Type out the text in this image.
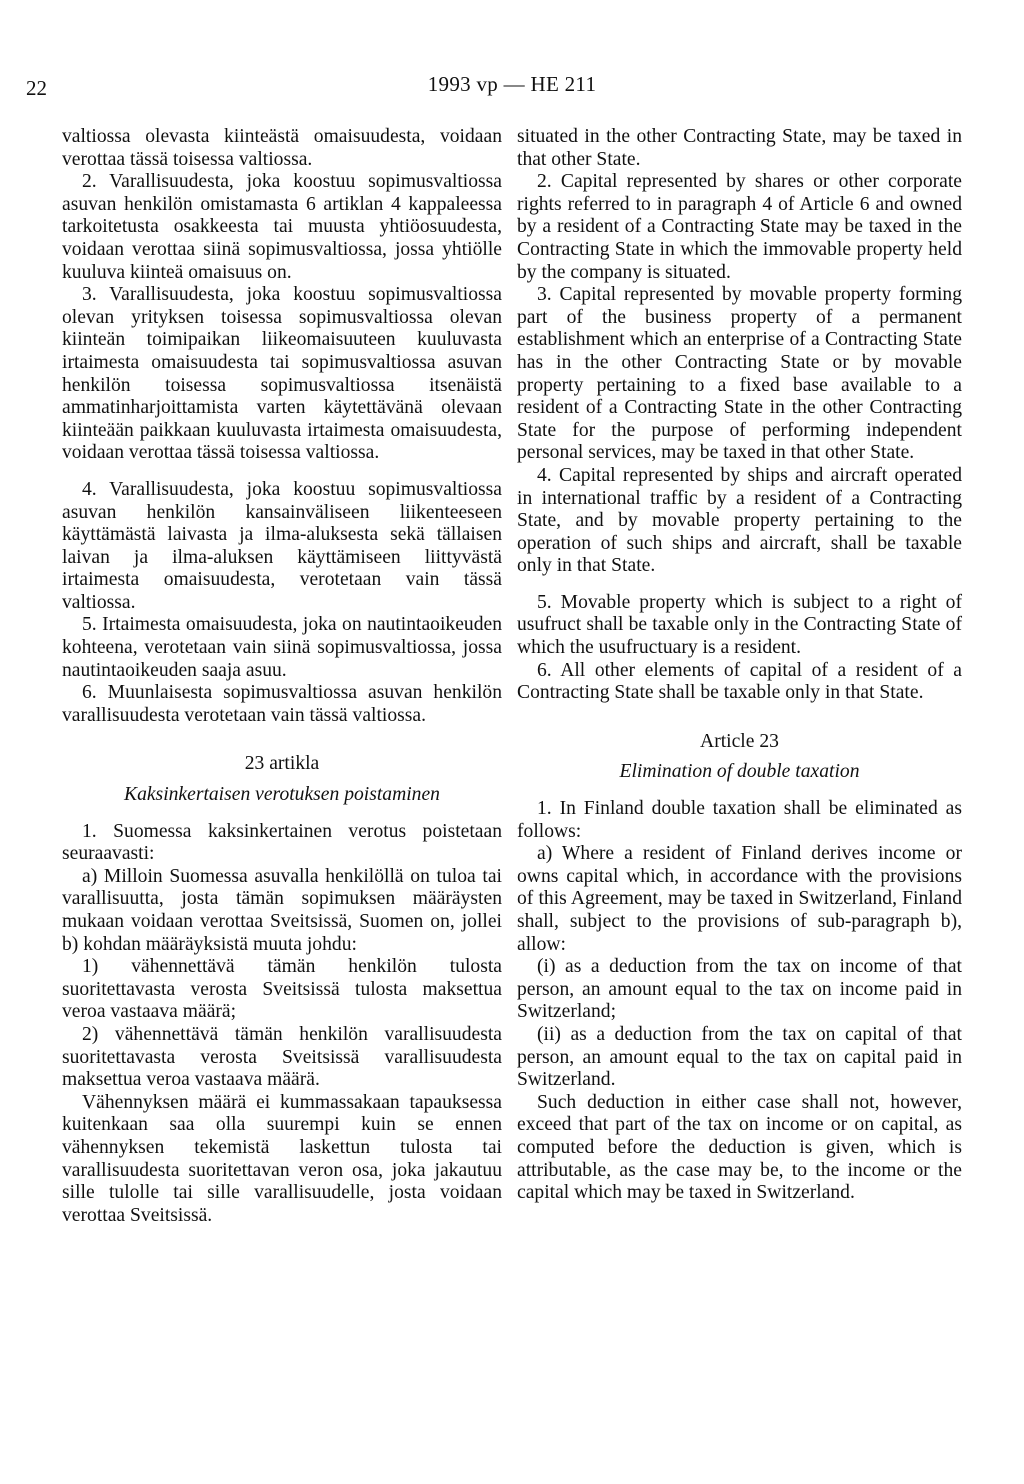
22	1993 vp — HE 211

valtiossa olevasta kiinteästä omaisuudesta, voidaan verottaa tässä toisessa valtiossa.

2. Varallisuudesta, joka koostuu sopimusvaltiossa asuvan henkilön omistamasta 6 artiklan 4 kappaleessa tarkoitetusta osakkeesta tai muusta yhtiöosuudesta, voidaan verottaa siinä sopimusvaltiossa, jossa yhtiölle kuuluva kiinteä omaisuus on.

3. Varallisuudesta, joka koostuu sopimusvaltiossa olevan yrityksen toisessa sopimusvaltiossa olevan kiinteän toimipaikan liikeomaisuuteen kuuluvasta irtaimesta omaisuudesta tai sopimusvaltiossa asuvan henkilön toisessa sopimusvaltiossa itsenäistä ammatinharjoittamista varten käytettävänä olevaan kiinteään paikkaan kuuluvasta irtaimesta omaisuudesta, voidaan verottaa tässä toisessa valtiossa.

4. Varallisuudesta, joka koostuu sopimusvaltiossa asuvan henkilön kansainväliseen liikenteeseen käyttämästä laivasta ja ilma-aluksesta sekä tällaisen laivan ja ilma-aluksen käyttämiseen liittyvästä irtaimesta omaisuudesta, verotetaan vain tässä valtiossa.

5. Irtaimesta omaisuudesta, joka on nautintaoikeuden kohteena, verotetaan vain siinä sopimusvaltiossa, jossa nautintaoikeuden saaja asuu.

6. Muunlaisesta sopimusvaltiossa asuvan henkilön varallisuudesta verotetaan vain tässä valtiossa.

23 artikla

Kaksinkertaisen verotuksen poistaminen

1. Suomessa kaksinkertainen verotus poistetaan seuraavasti:

a) Milloin Suomessa asuvalla henkilöllä on tuloa tai varallisuutta, josta tämän sopimuksen määräysten mukaan voidaan verottaa Sveitsissä, Suomen on, jollei b) kohdan määräyksistä muuta johdu:

1) vähennettävä tämän henkilön tulosta suoritettavasta verosta Sveitsissä tulosta maksettua veroa vastaava määrä;

2) vähennettävä tämän henkilön varallisuudesta suoritettavasta verosta Sveitsissä varallisuudesta maksettua veroa vastaava määrä.

Vähennyksen määrä ei kummassakaan tapauksessa kuitenkaan saa olla suurempi kuin se ennen vähennyksen tekemistä laskettun tulosta tai varallisuudesta suoritettavan veron osa, joka jakautuu sille tulolle tai sille varallisuudelle, josta voidaan verottaa Sveitsissä.

situated in the other Contracting State, may be taxed in that other State.

2. Capital represented by shares or other corporate rights referred to in paragraph 4 of Article 6 and owned by a resident of a Contracting State may be taxed in the Contracting State in which the immovable property held by the company is situated.

3. Capital represented by movable property forming part of the business property of a permanent establishment which an enterprise of a Contracting State has in the other Contracting State or by movable property pertaining to a fixed base available to a resident of a Contracting State in the other Contracting State for the purpose of performing independent personal services, may be taxed in that other State.

4. Capital represented by ships and aircraft operated in international traffic by a resident of a Contracting State, and by movable property pertaining to the operation of such ships and aircraft, shall be taxable only in that State.

5. Movable property which is subject to a right of usufruct shall be taxable only in the Contracting State of which the usufructuary is a resident.

6. All other elements of capital of a resident of a Contracting State shall be taxable only in that State.

Article 23

Elimination of double taxation

1. In Finland double taxation shall be eliminated as follows:

a) Where a resident of Finland derives income or owns capital which, in accordance with the provisions of this Agreement, may be taxed in Switzerland, Finland shall, subject to the provisions of sub-paragraph b), allow:

(i) as a deduction from the tax on income of that person, an amount equal to the tax on income paid in Switzerland;

(ii) as a deduction from the tax on capital of that person, an amount equal to the tax on capital paid in Switzerland.

Such deduction in either case shall not, however, exceed that part of the tax on income or on capital, as computed before the deduction is given, which is attributable, as the case may be, to the income or the capital which may be taxed in Switzerland.
